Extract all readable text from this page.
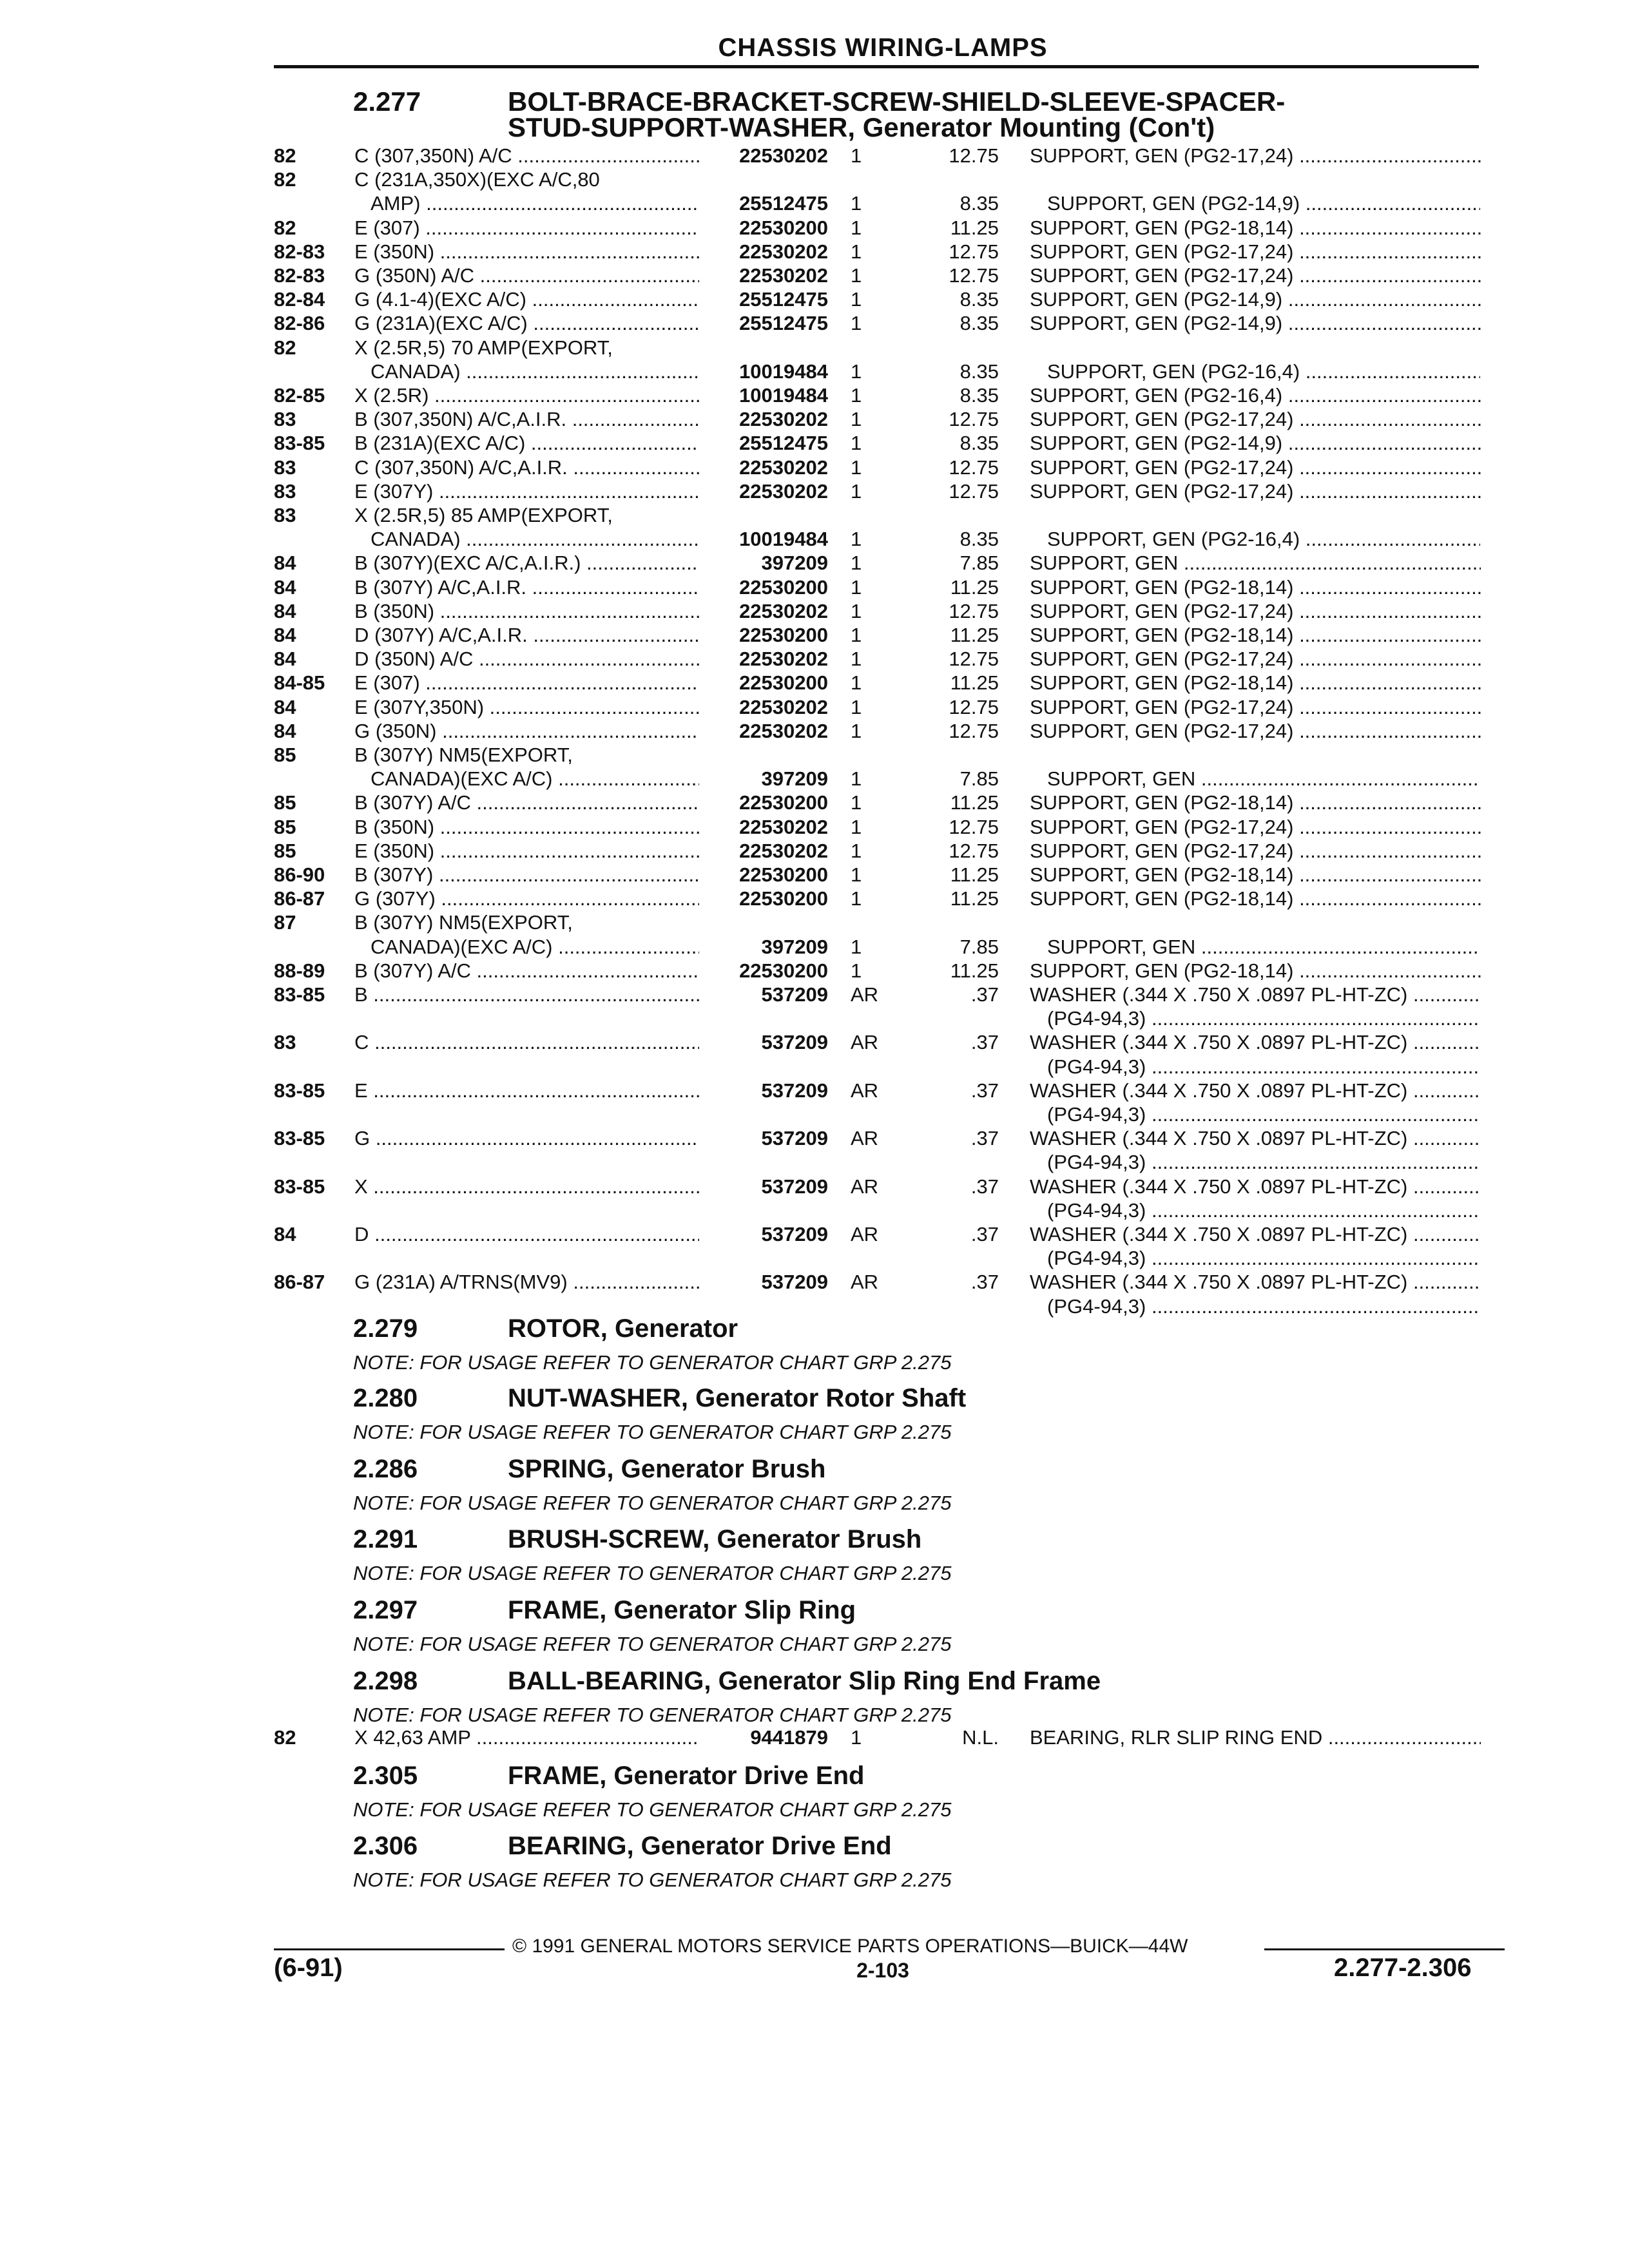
CHASSIS WIRING-LAMPS
2.277	BOLT-BRACE-BRACKET-SCREW-SHIELD-SLEEVE-SPACER-
STUD-SUPPORT-WASHER, Generator Mounting (Con't)
82	C (307,350N) A/C .....	22530202 1	12.75 SUPPORT, GEN (PG2-17,24) .....
82	C (231A,350X)(EXC A/C,80
AMP) .....	25512475 1	8.35 SUPPORT, GEN (PG2-14,9) .....
82	E (307) .....	22530200 1	11.25 SUPPORT, GEN (PG2-18,14) .....
82-83 E (350N) .....	22530202 1	12.75 SUPPORT, GEN (PG2-17,24) .....
82-83 G (350N) A/C .....	22530202 1	12.75 SUPPORT, GEN (PG2-17,24) .....
82-84 G (4.1-4)(EXC A/C) .....	25512475 1	8.35 SUPPORT, GEN (PG2-14,9) .....
82-86 G (231A)(EXC A/C) .....	25512475 1	8.35 SUPPORT, GEN (PG2-14,9) .....
82	X (2.5R,5) 70 AMP(EXPORT,
CANADA) .....	10019484 1	8.35 SUPPORT, GEN (PG2-16,4) .....
82-85 X (2.5R) .....	10019484 1	8.35 SUPPORT, GEN (PG2-16,4) .....
83	B (307,350N) A/C,A.I.R. .....	22530202 1	12.75 SUPPORT, GEN (PG2-17,24) .....
83-85 B (231A)(EXC A/C) .....	25512475 1	8.35 SUPPORT, GEN (PG2-14,9) .....
83	C (307,350N) A/C,A.I.R. .....	22530202 1	12.75 SUPPORT, GEN (PG2-17,24) .....
83	E (307Y) .....	22530202 1	12.75 SUPPORT, GEN (PG2-17,24) .....
83	X (2.5R,5) 85 AMP(EXPORT,
CANADA) .....	10019484 1	8.35 SUPPORT, GEN (PG2-16,4) .....
84	B (307Y)(EXC A/C,A.I.R.) .....	397209 1	7.85 SUPPORT, GEN .....
84	B (307Y) A/C,A.I.R. .....	22530200 1	11.25 SUPPORT, GEN (PG2-18,14) .....
84	B (350N) .....	22530202 1	12.75 SUPPORT, GEN (PG2-17,24) .....
84	D (307Y) A/C,A.I.R. .....	22530200 1	11.25 SUPPORT, GEN (PG2-18,14) .....
84	D (350N) A/C .....	22530202 1	12.75 SUPPORT, GEN (PG2-17,24) .....
84-85 E (307) .....	22530200 1	11.25 SUPPORT, GEN (PG2-18,14) .....
84	E (307Y,350N) .....	22530202 1	12.75 SUPPORT, GEN (PG2-17,24) .....
84	G (350N) .....	22530202 1	12.75 SUPPORT, GEN (PG2-17,24) .....
85	B (307Y) NM5(EXPORT,
CANADA)(EXC A/C) .....	397209 1	7.85 SUPPORT, GEN .....
85	B (307Y) A/C .....	22530200 1	11.25 SUPPORT, GEN (PG2-18,14) .....
85	B (350N) .....	22530202 1	12.75 SUPPORT, GEN (PG2-17,24) .....
85	E (350N) .....	22530202 1	12.75 SUPPORT, GEN (PG2-17,24) .....
86-90 B (307Y) .....	22530200 1	11.25 SUPPORT, GEN (PG2-18,14) .....
86-87 G (307Y) .....	22530200 1	11.25 SUPPORT, GEN (PG2-18,14) .....
87	B (307Y) NM5(EXPORT,
CANADA)(EXC A/C) .....	397209 1	7.85 SUPPORT, GEN .....
88-89 B (307Y) A/C .....	22530200 1	11.25 SUPPORT, GEN (PG2-18,14) .....
83-85 B .....	537209 AR	.37 WASHER (.344 X .750 X .0897 PL-HT-ZC) .....
(PG4-94,3) .....
83	C .....	537209 AR	.37 WASHER (.344 X .750 X .0897 PL-HT-ZC) .....
(PG4-94,3) .....
83-85 E .....	537209 AR	.37 WASHER (.344 X .750 X .0897 PL-HT-ZC) .....
(PG4-94,3) .....
83-85 G .....	537209 AR	.37 WASHER (.344 X .750 X .0897 PL-HT-ZC) .....
(PG4-94,3) .....
83-85 X .....	537209 AR	.37 WASHER (.344 X .750 X .0897 PL-HT-ZC) .....
(PG4-94,3) .....
84	D .....	537209 AR	.37 WASHER (.344 X .750 X .0897 PL-HT-ZC) .....
(PG4-94,3) .....
86-87 G (231A) A/TRNS(MV9) .....	537209 AR	.37 WASHER (.344 X .750 X .0897 PL-HT-ZC) .....
(PG4-94,3) .....
© 1991 GENERAL MOTORS SERVICE PARTS OPERATIONS—BUICK—44W
(6-91)	2-103	2.277-2.306
2.279	ROTOR, Generator
NOTE: FOR USAGE REFER TO GENERATOR CHART GRP 2.275
2.280	NUT-WASHER, Generator Rotor Shaft
NOTE: FOR USAGE REFER TO GENERATOR CHART GRP 2.275
2.286	SPRING, Generator Brush
NOTE: FOR USAGE REFER TO GENERATOR CHART GRP 2.275
2.291	BRUSH-SCREW, Generator Brush
NOTE: FOR USAGE REFER TO GENERATOR CHART GRP 2.275
2.297	FRAME, Generator Slip Ring
NOTE: FOR USAGE REFER TO GENERATOR CHART GRP 2.275
2.298	BALL-BEARING, Generator Slip Ring End Frame
NOTE: FOR USAGE REFER TO GENERATOR CHART GRP 2.275
82	X 42,63 AMP .....	9441879 1	N.L. BEARING, RLR SLIP RING END .....
2.305	FRAME, Generator Drive End
NOTE: FOR USAGE REFER TO GENERATOR CHART GRP 2.275
2.306	BEARING, Generator Drive End
NOTE: FOR USAGE REFER TO GENERATOR CHART GRP 2.275
